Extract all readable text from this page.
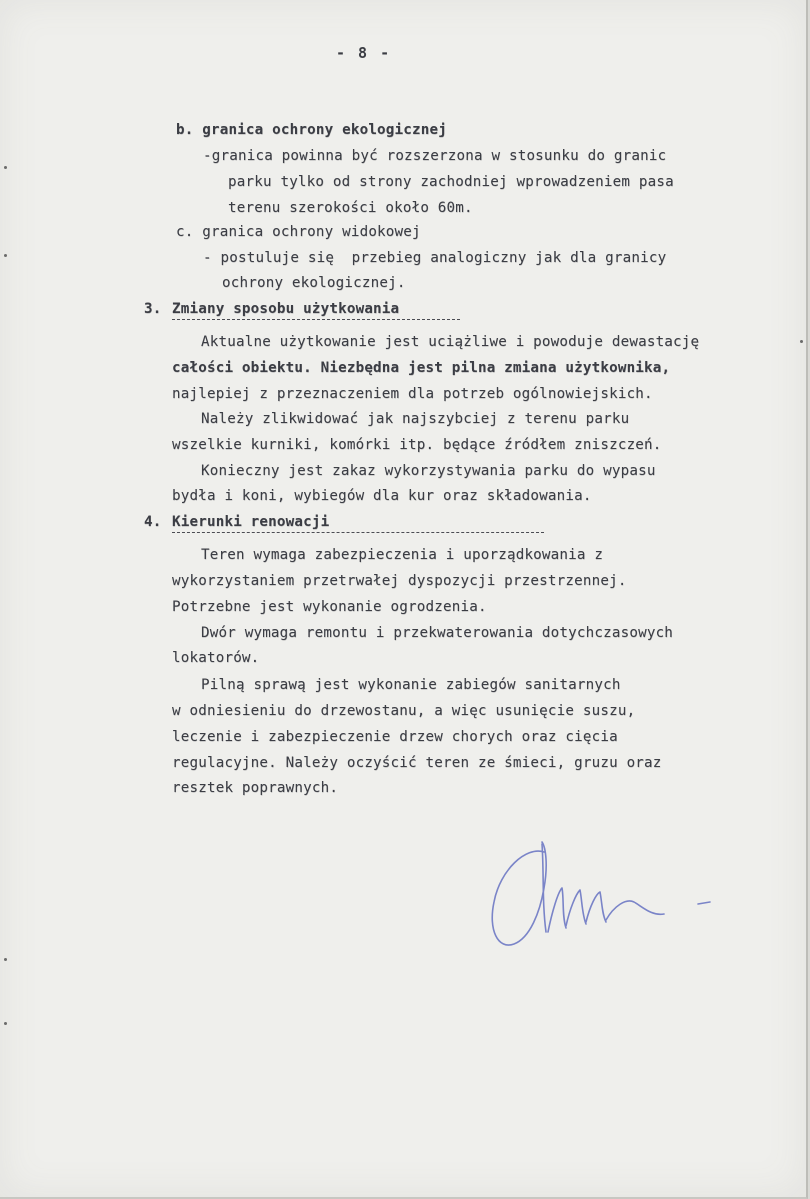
- 8 -
b. granica ochrony ekologicznej
-granica powinna być rozszerzona w stosunku do granic
parku tylko od strony zachodniej wprowadzeniem pasa
terenu szerokości około 60m.
c. granica ochrony widokowej
- postuluje się  przebieg analogiczny jak dla granicy
ochrony ekologicznej.
3. Zmiany sposobu użytkowania
Aktualne użytkowanie jest uciążliwe i powoduje dewastację
całości obiektu. Niezbędna jest pilna zmiana użytkownika,
najlepiej z przeznaczeniem dla potrzeb ogólnowiejskich.
Należy zlikwidować jak najszybciej z terenu parku
wszelkie kurniki, komórki itp. będące źródłem zniszczeń.
Konieczny jest zakaz wykorzystywania parku do wypasu
bydła i koni, wybiegów dla kur oraz składowania.
4. Kierunki renowacji
Teren wymaga zabezpieczenia i uporządkowania z
wykorzystaniem przetrwałej dyspozycji przestrzennej.
Potrzebne jest wykonanie ogrodzenia.
Dwór wymaga remontu i przekwaterowania dotychczasowych
lokatorów.
Pilną sprawą jest wykonanie zabiegów sanitarnych
w odniesieniu do drzewostanu, a więc usunięcie suszu,
leczenie i zabezpieczenie drzew chorych oraz cięcia
regulacyjne. Należy oczyścić teren ze śmieci, gruzu oraz
resztek poprawnych.
